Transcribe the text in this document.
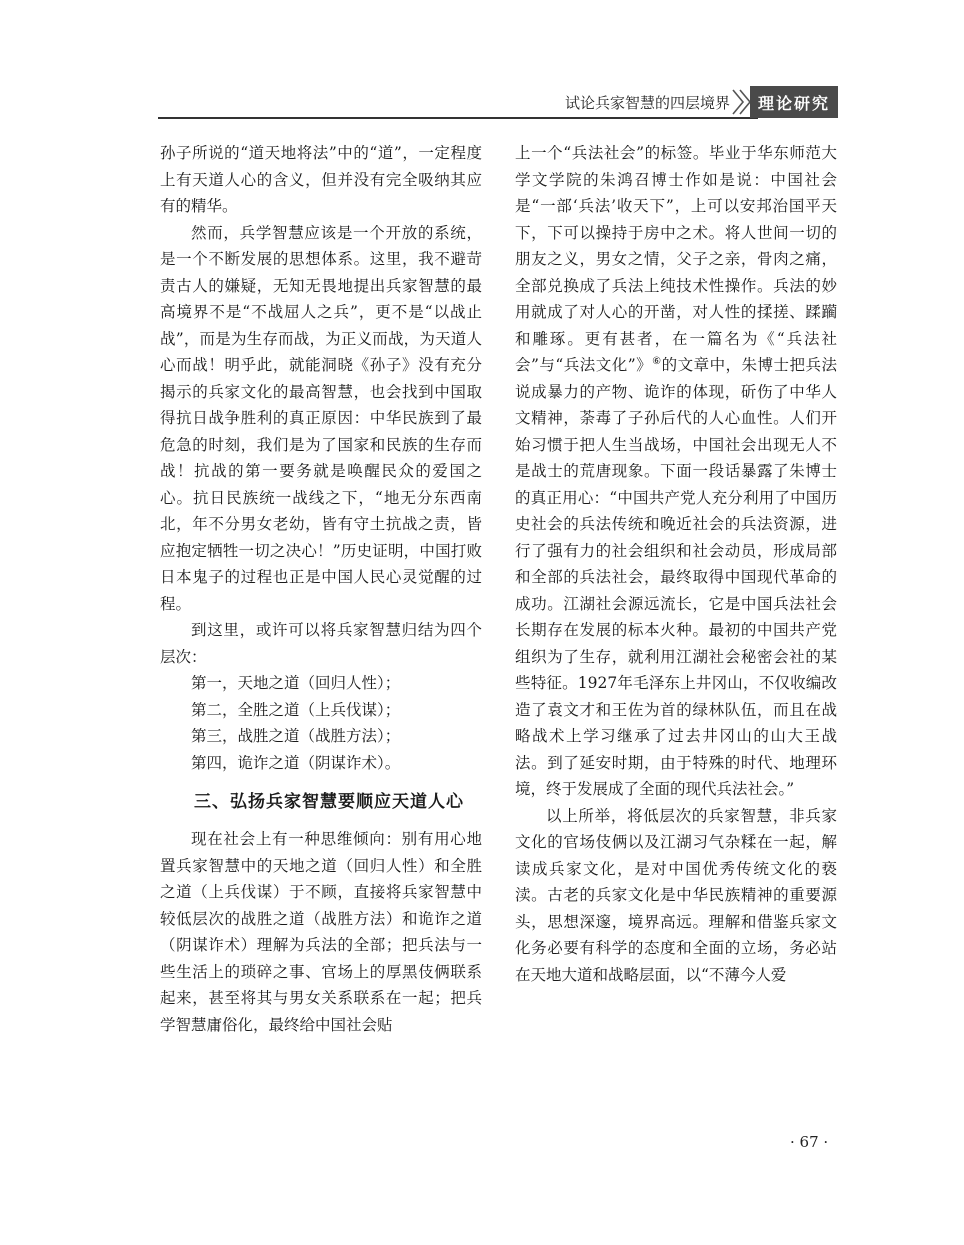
试论兵家智慧的四层境界	理论研究

孙子所说的“道天地将法”中的“道”，一定程度上有天道人心的含义，但并没有完全吸纳其应有的精华。

然而，兵学智慧应该是一个开放的系统，是一个不断发展的思想体系。这里，我不避苛责古人的嫌疑，无知无畏地提出兵家智慧的最高境界不是“不战屈人之兵”，更不是“以战止战”，而是为生存而战，为正义而战，为天道人心而战！明乎此，就能洞晓《孙子》没有充分揭示的兵家文化的最高智慧，也会找到中国取得抗日战争胜利的真正原因：中华民族到了最危急的时刻，我们是为了国家和民族的生存而战！抗战的第一要务就是唤醒民众的爱国之心。抗日民族统一战线之下，“地无分东西南北，年不分男女老幼，皆有守土抗战之责，皆应抱定牺牲一切之决心！”历史证明，中国打败日本鬼子的过程也正是中国人民心灵觉醒的过程。

到这里，或许可以将兵家智慧归结为四个层次：

第一，天地之道（回归人性）；

第二，全胜之道（上兵伐谋）；

第三，战胜之道（战胜方法）；

第四，诡诈之道（阴谋诈术）。

三、弘扬兵家智慧要顺应天道人心

现在社会上有一种思维倾向：别有用心地置兵家智慧中的天地之道（回归人性）和全胜之道（上兵伐谋）于不顾，直接将兵家智慧中较低层次的战胜之道（战胜方法）和诡诈之道（阴谋诈术）理解为兵法的全部；把兵法与一些生活上的琐碎之事、官场上的厚黑伎俩联系起来，甚至将其与男女关系联系在一起；把兵学智慧庸俗化，最终给中国社会贴

上一个“兵法社会”的标签。毕业于华东师范大学文学院的朱鸿召博士作如是说：中国社会是“一部‘兵法’收天下”，上可以安邦治国平天下，下可以操持于房中之术。将人世间一切的朋友之义，男女之情，父子之亲，骨肉之痛，全部兑换成了兵法上纯技术性操作。兵法的妙用就成了对人心的开凿，对人性的揉搓、蹂躏和雕琢。更有甚者，在一篇名为《“兵法社会”与“兵法文化”》⑥的文章中，朱博士把兵法说成暴力的产物、诡诈的体现，斫伤了中华人文精神，荼毒了子孙后代的人心血性。人们开始习惯于把人生当战场，中国社会出现无人不是战士的荒唐现象。下面一段话暴露了朱博士的真正用心：“中国共产党人充分利用了中国历史社会的兵法传统和晚近社会的兵法资源，进行了强有力的社会组织和社会动员，形成局部和全部的兵法社会，最终取得中国现代革命的成功。江湖社会源远流长，它是中国兵法社会长期存在发展的标本火种。最初的中国共产党组织为了生存，就利用江湖社会秘密会社的某些特征。1927年毛泽东上井冈山，不仅收编改造了袁文才和王佐为首的绿林队伍，而且在战略战术上学习继承了过去井冈山的山大王战法。到了延安时期，由于特殊的时代、地理环境，终于发展成了全面的现代兵法社会。”

以上所举，将低层次的兵家智慧，非兵家文化的官场伎俩以及江湖习气杂糅在一起，解读成兵家文化，是对中国优秀传统文化的亵渎。古老的兵家文化是中华民族精神的重要源头，思想深邃，境界高远。理解和借鉴兵家文化务必要有科学的态度和全面的立场，务必站在天地大道和战略层面，以“不薄今人爱

· 67 ·
